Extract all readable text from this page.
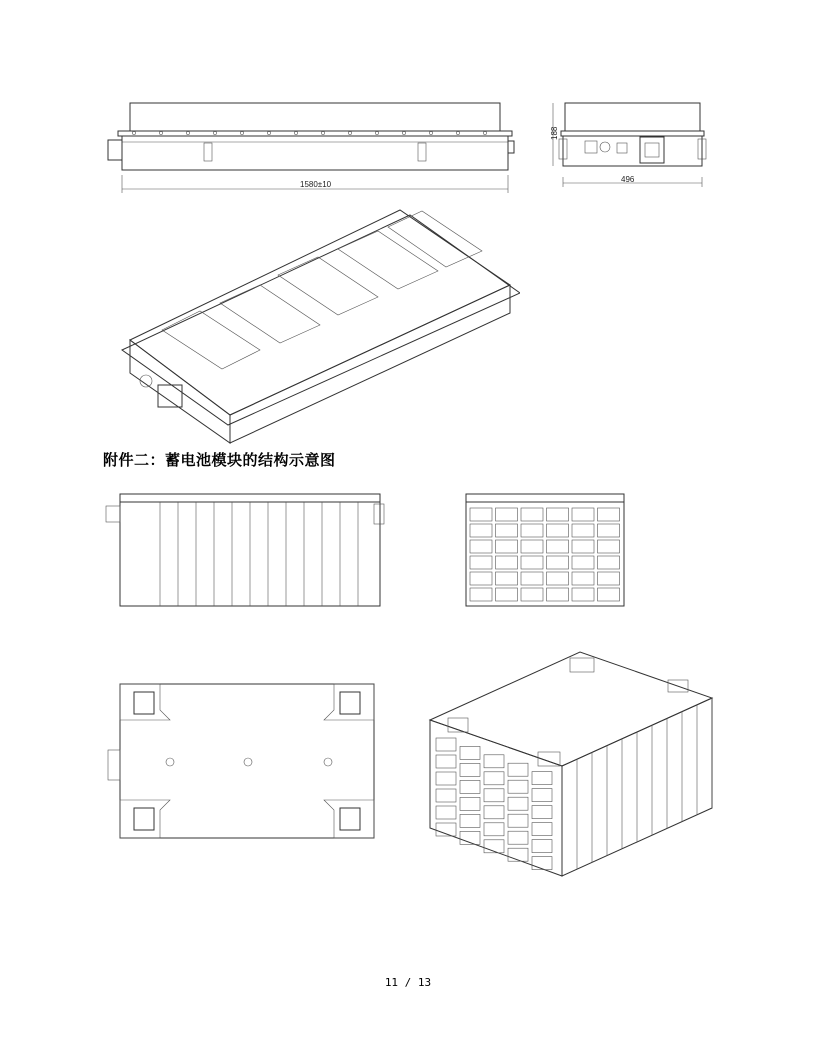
1580±10
188
496
附件二：蓄电池模块的结构示意图
11 / 13
